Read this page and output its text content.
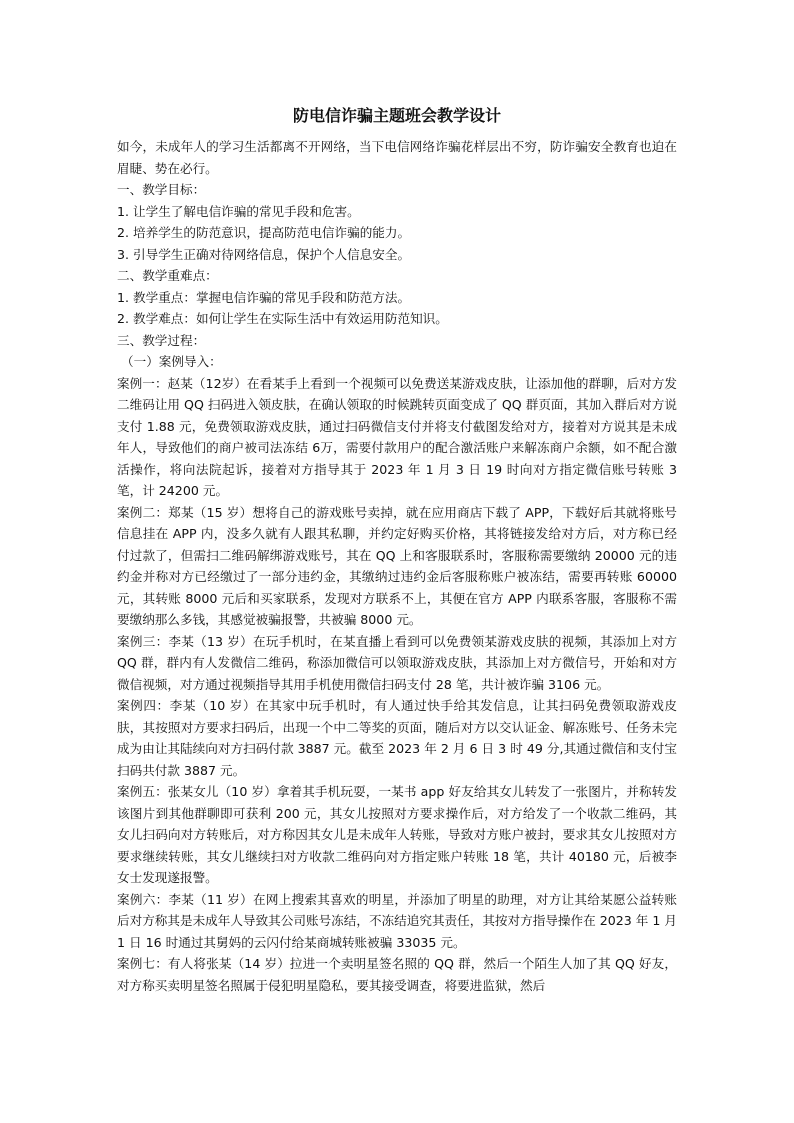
防电信诈骗主题班会教学设计

如今，未成年人的学习生活都离不开网络，当下电信网络诈骗花样层出不穷，防诈骗安全教育也迫在眉睫、势在必行。

一、教学目标：

1. 让学生了解电信诈骗的常见手段和危害。

2. 培养学生的防范意识，提高防范电信诈骗的能力。

3. 引导学生正确对待网络信息，保护个人信息安全。

二、教学重难点：

1. 教学重点：掌握电信诈骗的常见手段和防范方法。

2. 教学难点：如何让学生在实际生活中有效运用防范知识。

三、教学过程：

（一）案例导入：

案例一：赵某（12岁）在看某手上看到一个视频可以免费送某游戏皮肤，让添加他的群聊，后对方发二维码让用 QQ 扫码进入领皮肤，在确认领取的时候跳转页面变成了 QQ 群页面，其加入群后对方说支付 1.88 元，免费领取游戏皮肤，通过扫码微信支付并将支付截图发给对方，接着对方说其是未成年人，导致他们的商户被司法冻结 6万，需要付款用户的配合激活账户来解冻商户余额，如不配合激活操作，将向法院起诉，接着对方指导其于 2023 年 1 月 3 日 19 时向对方指定微信账号转账 3 笔，计 24200 元。

案例二：郑某（15 岁）想将自己的游戏账号卖掉，就在应用商店下载了 APP，下载好后其就将账号信息挂在 APP 内，没多久就有人跟其私聊，并约定好购买价格，其将链接发给对方后，对方称已经付过款了，但需扫二维码解绑游戏账号，其在 QQ 上和客服联系时，客服称需要缴纳 20000 元的违约金并称对方已经缴过了一部分违约金，其缴纳过违约金后客服称账户被冻结，需要再转账 60000 元，其转账 8000 元后和买家联系，发现对方联系不上，其便在官方 APP 内联系客服，客服称不需要缴纳那么多钱，其感觉被骗报警，共被骗 8000 元。

案例三：李某（13 岁）在玩手机时，在某直播上看到可以免费领某游戏皮肤的视频，其添加上对方 QQ 群，群内有人发微信二维码，称添加微信可以领取游戏皮肤，其添加上对方微信号，开始和对方微信视频，对方通过视频指导其用手机使用微信扫码支付 28 笔，共计被诈骗 3106 元。

案例四：李某（10 岁）在其家中玩手机时，有人通过快手给其发信息，让其扫码免费领取游戏皮肤，其按照对方要求扫码后，出现一个中二等奖的页面，随后对方以交认证金、解冻账号、任务未完成为由让其陆续向对方扫码付款 3887 元。截至 2023 年 2 月 6 日 3 时 49 分,其通过微信和支付宝扫码共付款 3887 元。

案例五：张某女儿（10 岁）拿着其手机玩耍，一某书 app 好友给其女儿转发了一张图片，并称转发该图片到其他群聊即可获利 200 元，其女儿按照对方要求操作后，对方给发了一个收款二维码，其女儿扫码向对方转账后，对方称因其女儿是未成年人转账，导致对方账户被封，要求其女儿按照对方要求继续转账，其女儿继续扫对方收款二维码向对方指定账户转账 18 笔，共计 40180 元，后被李女士发现遂报警。

案例六：李某（11 岁）在网上搜索其喜欢的明星，并添加了明星的助理，对方让其给某愿公益转账后对方称其是未成年人导致其公司账号冻结，不冻结追究其责任，其按对方指导操作在 2023 年 1 月 1 日 16 时通过其舅妈的云闪付给某商城转账被骗 33035 元。

案例七：有人将张某（14 岁）拉进一个卖明星签名照的 QQ 群，然后一个陌生人加了其 QQ 好友，对方称买卖明星签名照属于侵犯明星隐私，要其接受调查，将要进监狱，然后
